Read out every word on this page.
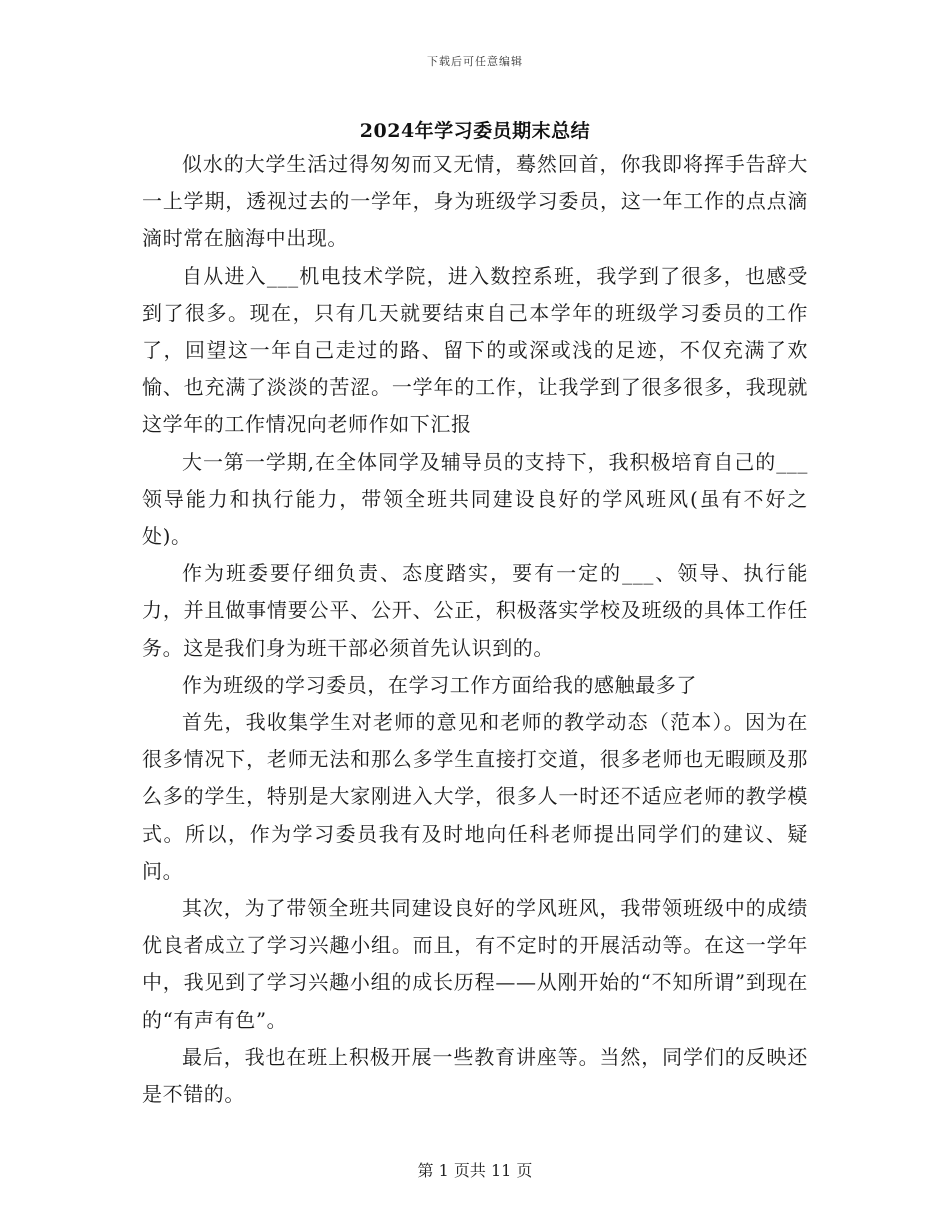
下载后可任意编辑
2024年学习委员期末总结

似水的大学生活过得匆匆而又无情，蓦然回首，你我即将挥手告辞大一上学期，透视过去的一学年，身为班级学习委员，这一年工作的点点滴滴时常在脑海中出现。

自从进入___机电技术学院，进入数控系班，我学到了很多，也感受到了很多。现在，只有几天就要结束自己本学年的班级学习委员的工作了，回望这一年自己走过的路、留下的或深或浅的足迹，不仅充满了欢愉、也充满了淡淡的苦涩。一学年的工作，让我学到了很多很多，我现就这学年的工作情况向老师作如下汇报

大一第一学期,在全体同学及辅导员的支持下，我积极培育自己的___领导能力和执行能力，带领全班共同建设良好的学风班风(虽有不好之处)。

作为班委要仔细负责、态度踏实，要有一定的___、领导、执行能力，并且做事情要公平、公开、公正，积极落实学校及班级的具体工作任务。这是我们身为班干部必须首先认识到的。

作为班级的学习委员，在学习工作方面给我的感触最多了

首先，我收集学生对老师的意见和老师的教学动态（范本）。因为在很多情况下，老师无法和那么多学生直接打交道，很多老师也无暇顾及那么多的学生，特别是大家刚进入大学，很多人一时还不适应老师的教学模式。所以，作为学习委员我有及时地向任科老师提出同学们的建议、疑问。

其次，为了带领全班共同建设良好的学风班风，我带领班级中的成绩优良者成立了学习兴趣小组。而且，有不定时的开展活动等。在这一学年中，我见到了学习兴趣小组的成长历程——从刚开始的“不知所谓”到现在的“有声有色”。

最后，我也在班上积极开展一些教育讲座等。当然，同学们的反映还是不错的。

第 1 页共 11 页
